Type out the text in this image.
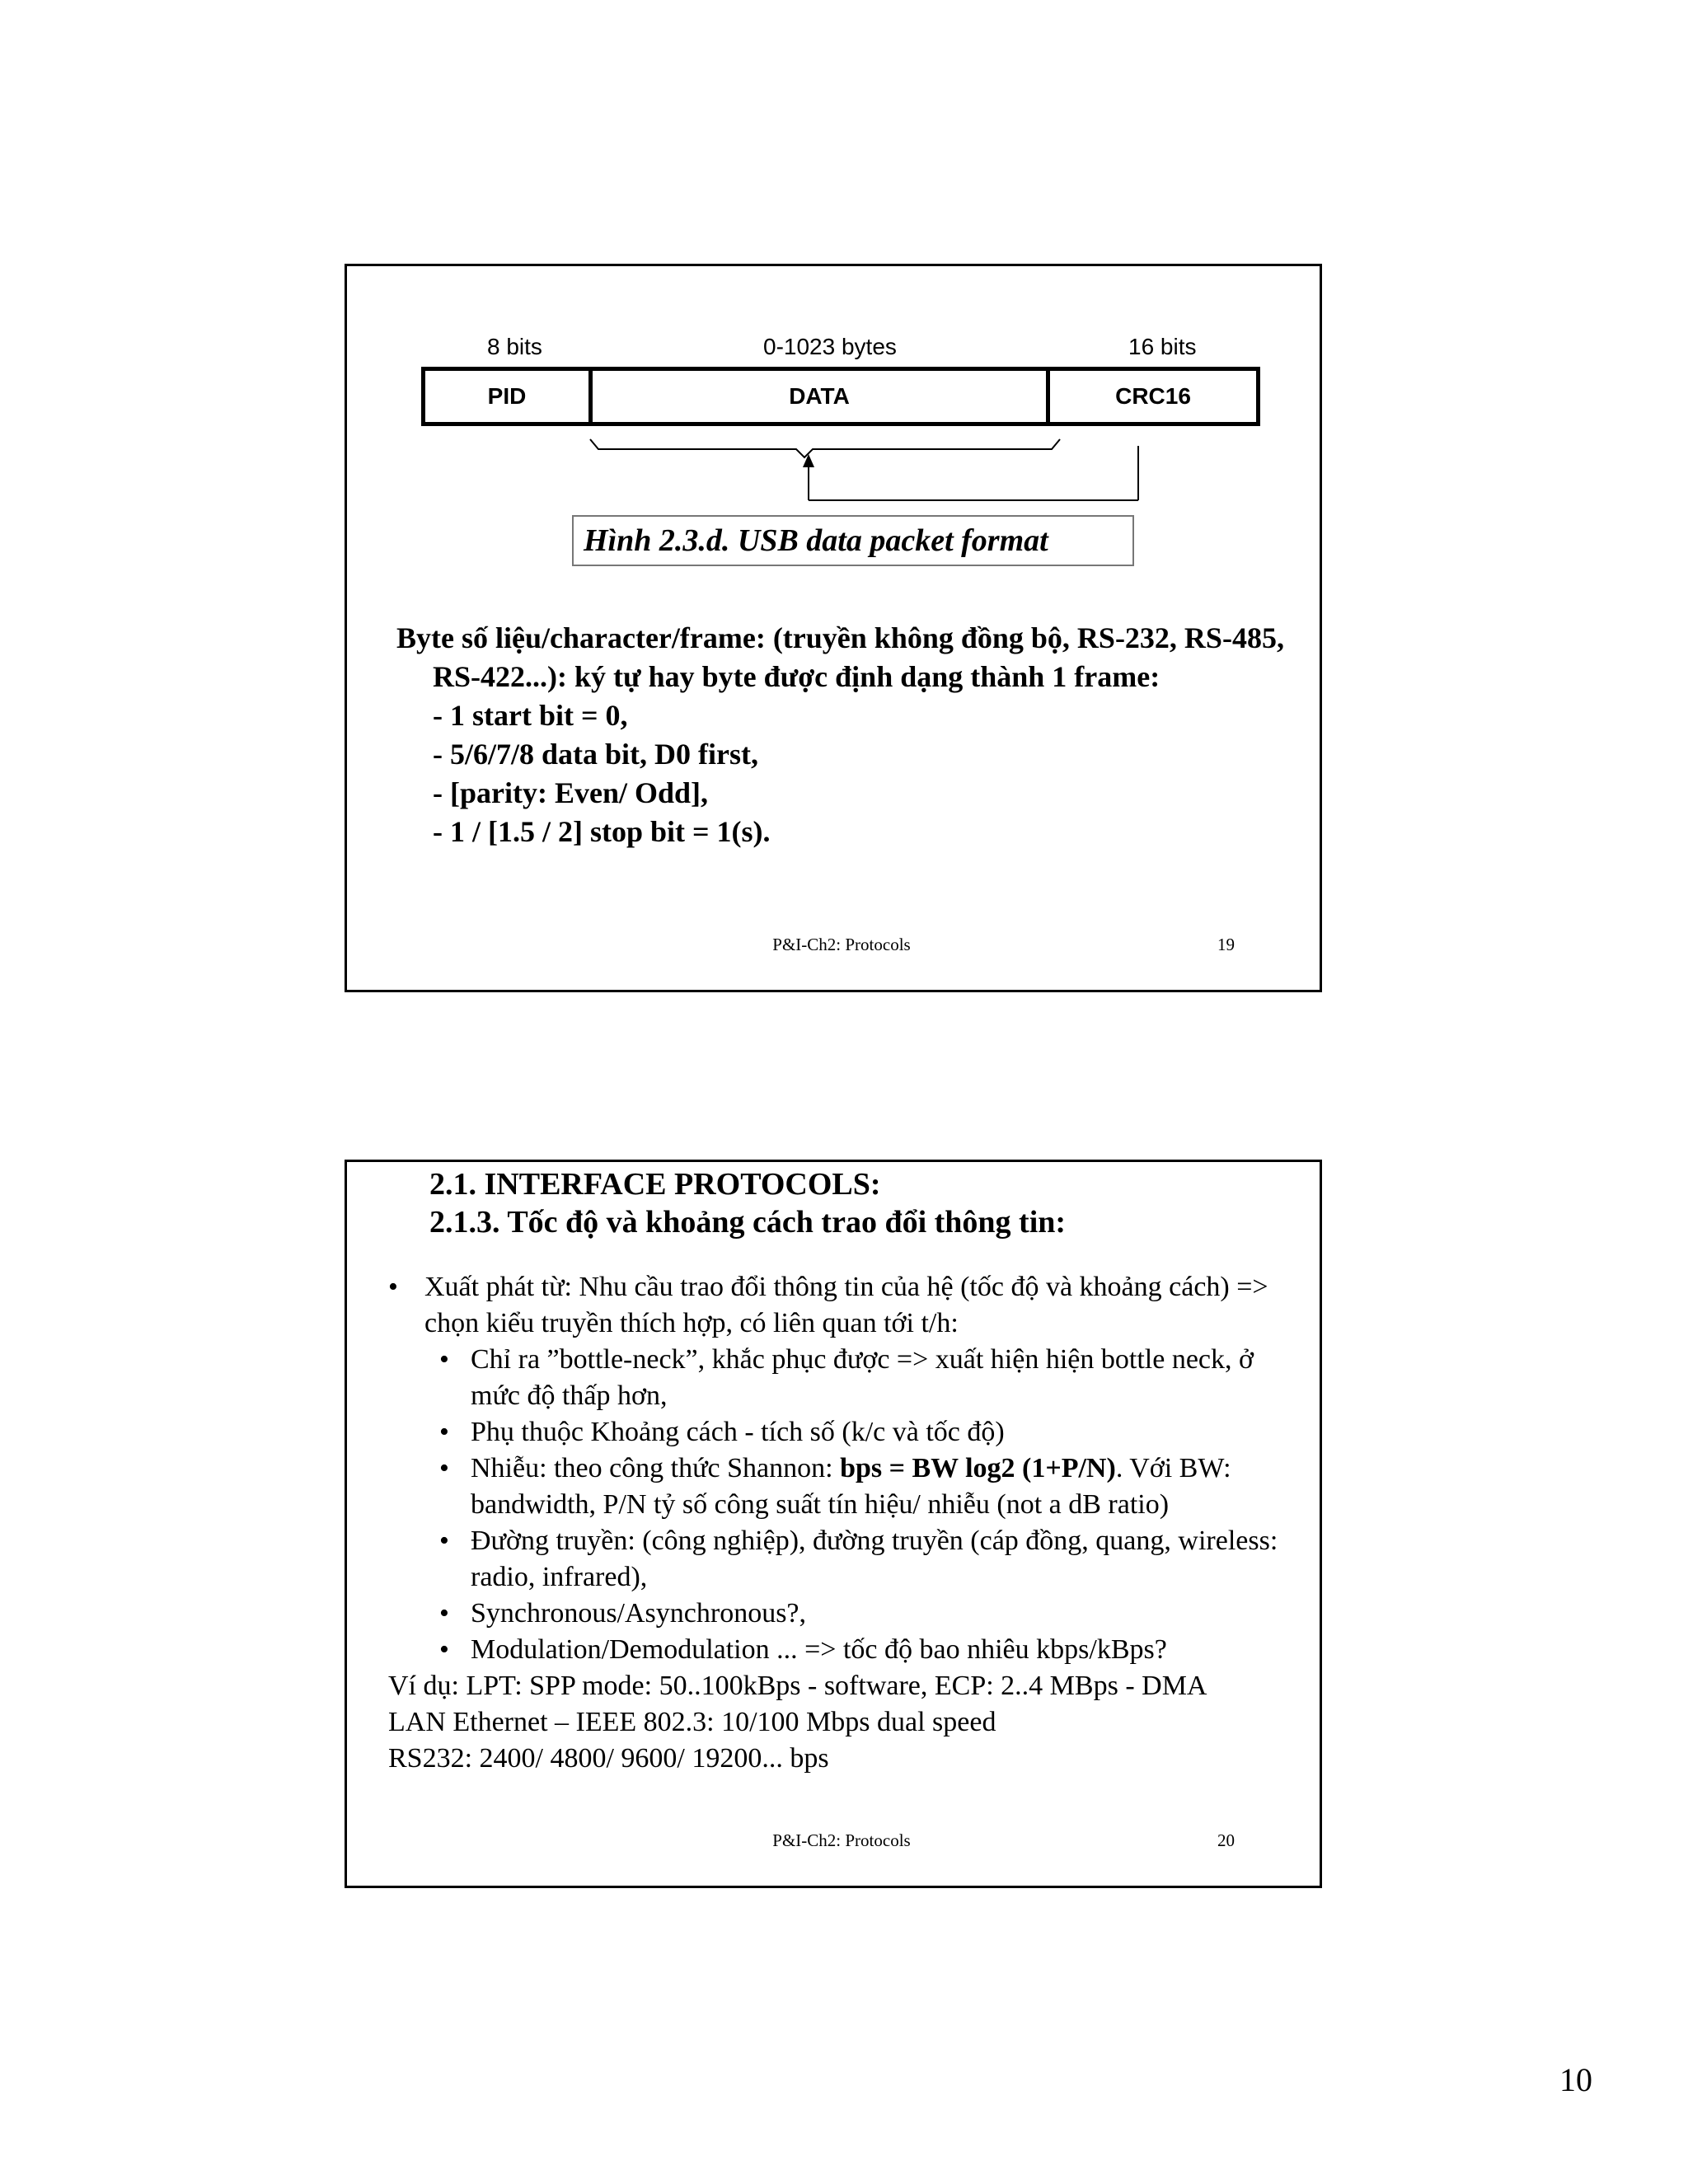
8 bits	0-1023 bytes	16 bits
PID	DATA	CRC16
Hình 2.3.d. USB data packet format
Byte số liệu/character/frame: (truyền không đồng bộ, RS-232, RS-485, RS-422...): ký tự hay byte được định dạng thành 1 frame:
- 1 start bit = 0,
- 5/6/7/8 data bit, D0 first,
- [parity: Even/ Odd],
- 1 / [1.5 / 2] stop bit = 1(s).
P&I-Ch2: Protocols	19
2.1. INTERFACE PROTOCOLS:
2.1.3. Tốc độ và khoảng cách trao đổi thông tin:
• Xuất phát từ: Nhu cầu trao đổi thông tin của hệ (tốc độ và khoảng cách) => chọn kiểu truyền thích hợp, có liên quan tới t/h:
• Chỉ ra ”bottle-neck”, khắc phục được => xuất hiện hiện bottle neck, ở mức độ thấp hơn,
• Phụ thuộc Khoảng cách - tích số (k/c và tốc độ)
• Nhiễu: theo công thức Shannon: bps = BW log2 (1+P/N). Với BW: bandwidth, P/N tỷ số công suất tín hiệu/ nhiễu (not a dB ratio)
• Đường truyền: (công nghiệp), đường truyền (cáp đồng, quang, wireless: radio, infrared),
• Synchronous/Asynchronous?,
• Modulation/Demodulation ... => tốc độ bao nhiêu kbps/kBps?
Ví dụ: LPT: SPP mode: 50..100kBps - software, ECP: 2..4 MBps - DMA
LAN Ethernet – IEEE 802.3: 10/100 Mbps dual speed
RS232: 2400/ 4800/ 9600/ 19200... bps
P&I-Ch2: Protocols	20
10
